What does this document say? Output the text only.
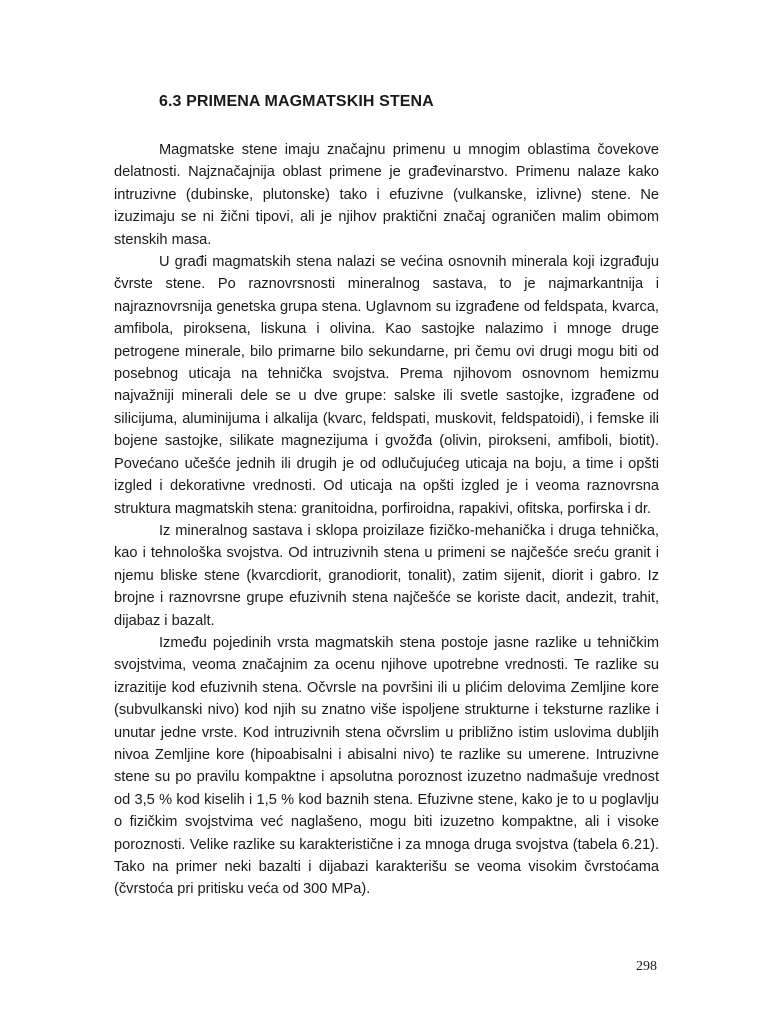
6.3 PRIMENA MAGMATSKIH STENA

Magmatske stene imaju značajnu primenu u mnogim oblastima čovekove delatnosti. Najznačajnija oblast primene je građevinarstvo. Primenu nalaze kako intruzivne (dubinske, plutonske) tako i efuzivne (vulkanske, izlivne) stene. Ne izuzimaju se ni žični tipovi, ali je njihov praktični značaj ograničen malim obimom stenskih masa.

U građi magmatskih stena nalazi se većina osnovnih minerala koji izgrađuju čvrste stene. Po raznovrsnosti mineralnog sastava, to je najmarkantnija i najraznovrsnija genetska grupa stena. Uglavnom su izgrađene od feldspata, kvarca, amfibola, piroksena, liskuna i olivina. Kao sastojke nalazimo i mnoge druge petrogene minerale, bilo primarne bilo sekundarne, pri čemu ovi drugi mogu biti od posebnog uticaja na tehnička svojstva. Prema njihovom osnovnom hemizmu najvažniji minerali dele se u dve grupe: salske ili svetle sastojke, izgrađene od silicijuma, aluminijuma i alkalija (kvarc, feldspati, muskovit, feldspatoidi), i femske ili bojene sastojke, silikate magnezijuma i gvožđa (olivin, pirokseni, amfiboli, biotit). Povećano učešće jednih ili drugih je od odlučujućeg uticaja na boju, a time i opšti izgled i dekorativne vrednosti. Od uticaja na opšti izgled je i veoma raznovrsna struktura magmatskih stena: granitoidna, porfiroidna, rapakivi, ofitska, porfirska i dr.

Iz mineralnog sastava i sklopa proizilaze fizičko-mehanička i druga tehnička, kao i tehnološka svojstva. Od intruzivnih stena u primeni se najčešće sreću granit i njemu bliske stene (kvarcdiorit, granodiorit, tonalit), zatim sijenit, diorit i gabro. Iz brojne i raznovrsne grupe efuzivnih stena najčešće se koriste dacit, andezit, trahit, dijabaz i bazalt.

Između pojedinih vrsta magmatskih stena postoje jasne razlike u tehničkim svojstvima, veoma značajnim za ocenu njihove upotrebne vrednosti. Te razlike su izrazitije kod efuzivnih stena. Očvrsle na površini ili u plićim delovima Zemljine kore (subvulkanski nivo) kod njih su znatno više ispoljene strukturne i teksturne razlike i unutar jedne vrste. Kod intruzivnih stena očvrslim u približno istim uslovima dubljih nivoa Zemljine kore (hipoabisalni i abisalni nivo) te razlike su umerene. Intruzivne stene su po pravilu kompaktne i apsolutna poroznost izuzetno nadmašuje vrednost od 3,5 % kod kiselih i 1,5 % kod baznih stena. Efuzivne stene, kako je to u poglavlju o fizičkim svojstvima već naglašeno, mogu biti izuzetno kompaktne, ali i visoke poroznosti. Velike razlike su karakteristične i za mnoga druga svojstva (tabela 6.21). Tako na primer neki bazalti i dijabazi karakterišu se veoma visokim čvrstoćama (čvrstoća pri pritisku veća od 300 MPa).

298
